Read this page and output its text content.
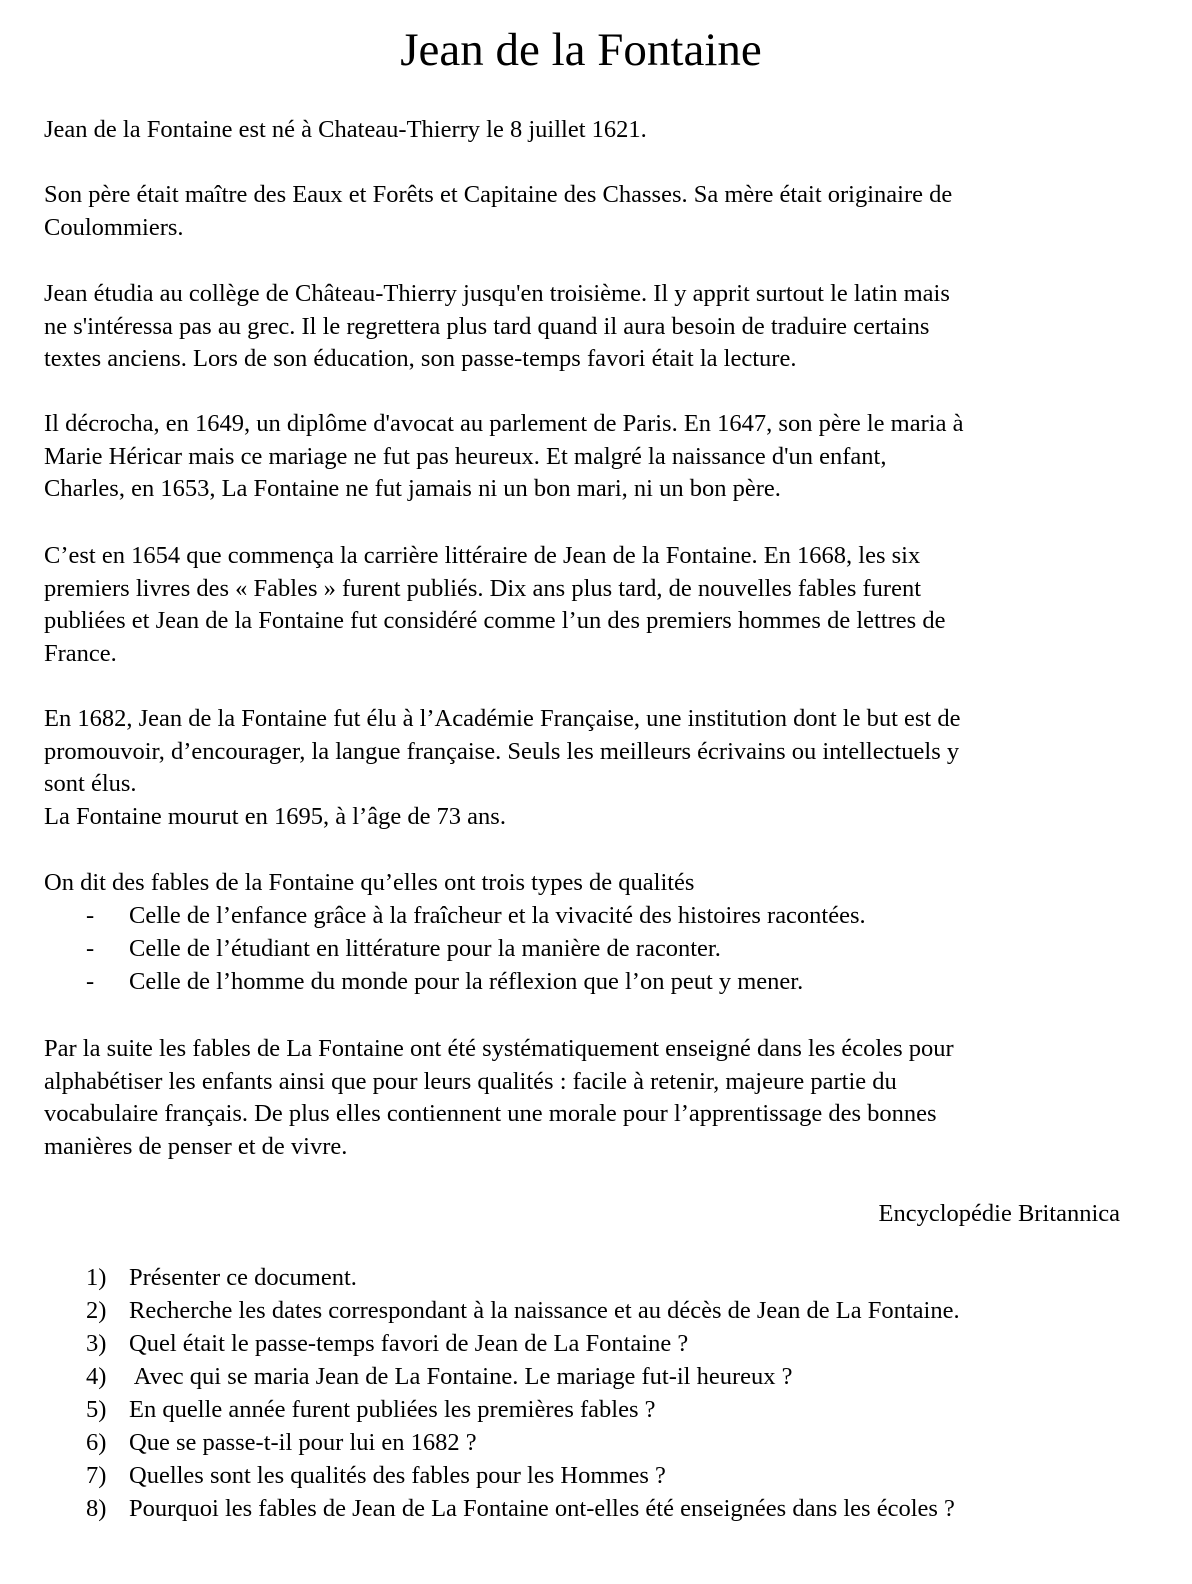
Jean de la Fontaine

Jean de la Fontaine est né à Chateau-Thierry le 8 juillet 1621.

Son père était maître des Eaux et Forêts et Capitaine des Chasses. Sa mère était originaire de
Coulommiers.

Jean étudia au collège de Château-Thierry jusqu'en troisième. Il y apprit surtout le latin mais
ne s'intéressa pas au grec. Il le regrettera plus tard quand il aura besoin de traduire certains
textes anciens. Lors de son éducation, son passe-temps favori était la lecture.

Il décrocha, en 1649, un diplôme d'avocat au parlement de Paris. En 1647, son père le maria à
Marie Héricar mais ce mariage ne fut pas heureux. Et malgré la naissance d'un enfant,
Charles, en 1653, La Fontaine ne fut jamais ni un bon mari, ni un bon père.

C’est en 1654 que commença la carrière littéraire de Jean de la Fontaine. En 1668, les six
premiers livres des « Fables » furent publiés. Dix ans plus tard, de nouvelles fables furent
publiées et Jean de la Fontaine fut considéré comme l’un des premiers hommes de lettres de
France.

En 1682, Jean de la Fontaine fut élu à l’Académie Française, une institution dont le but est de
promouvoir, d’encourager, la langue française. Seuls les meilleurs écrivains ou intellectuels y
sont élus.
La Fontaine mourut en 1695, à l’âge de 73 ans.

On dit des fables de la Fontaine qu’elles ont trois types de qualités

- Celle de l’enfance grâce à la fraîcheur et la vivacité des histoires racontées.
- Celle de l’étudiant en littérature pour la manière de raconter.
- Celle de l’homme du monde pour la réflexion que l’on peut y mener.

Par la suite les fables de La Fontaine ont été systématiquement enseigné dans les écoles pour
alphabétiser les enfants ainsi que pour leurs qualités : facile à retenir, majeure partie du
vocabulaire français. De plus elles contiennent une morale pour l’apprentissage des bonnes
manières de penser et de vivre.

Encyclopédie Britannica
1) Présenter ce document.
2) Recherche les dates correspondant à la naissance et au décès de Jean de La Fontaine.
3) Quel était le passe-temps favori de Jean de La Fontaine ?
4) Avec qui se maria Jean de La Fontaine. Le mariage fut-il heureux ?
5) En quelle année furent publiées les premières fables ?
6) Que se passe-t-il pour lui en 1682 ?
7) Quelles sont les qualités des fables pour les Hommes ?
8) Pourquoi les fables de Jean de La Fontaine ont-elles été enseignées dans les écoles ?
